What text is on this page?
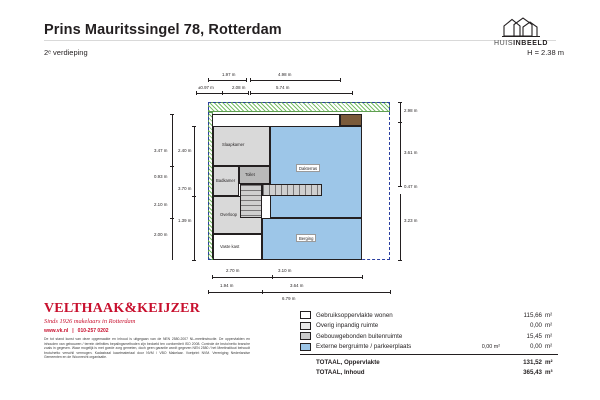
Prins Mauritssingel 78, Rotterdam
2ᵉ verdieping
HUISINBEELD
H = 2.38 m
1.97 m	4.98 m
±0.97 m	2.08 m	5.74 m
Dakterras
Berging
Slaapkamer
Badkamer
Toilet
Overloop
Vaste kast
3.47 m 2.40 m
0.93 m
3.70 m
2.10 m
1.39 m
2.00 m
2.98 m
3.61 m
0.47 m
3.23 m
2.70 m	3.10 m
1.94 m	3.64 m
6.79 m
VELTHAAK&KEIJZER
Sinds 1926 makelaars in Rotterdam
www.vk.nl | 010-257 0202
De tot stand kunst van deze opgemaakte en inhoud is uitgegaan van de NEN 2580-2007 NL-meetinstructie. De oppervlakten en inhouden van gebouwen / terrein definities bepalingsmethoden zijn bedoeld ten conformiteit ISO 2008. Controle de bruto/netto branche zoals in gegeven. Waar mogelijk is met goede zorg gemeten, doch geen garantie wordt gegeven NEN 2580 / het Meetinstituut behoudt bruto/netto verschil vermogen. Kadastraal kaartmateriaal door NVM / VBO Makelaar. Voetprint NVM. Vereniging Nederlandse Gemeenten en de Woonrecht organisatie.
Gebruiksoppervlakte wonen	115,66 m²
Overig inpandig ruimte	0,00 m²
Gebouwgebonden buitenruimte	15,45 m²
Externe bergruimte / parkeerplaats	0,00 m²	0,00 m²
TOTAAL, Oppervlakte	131,52 m²
TOTAAL, Inhoud	365,43 m³
